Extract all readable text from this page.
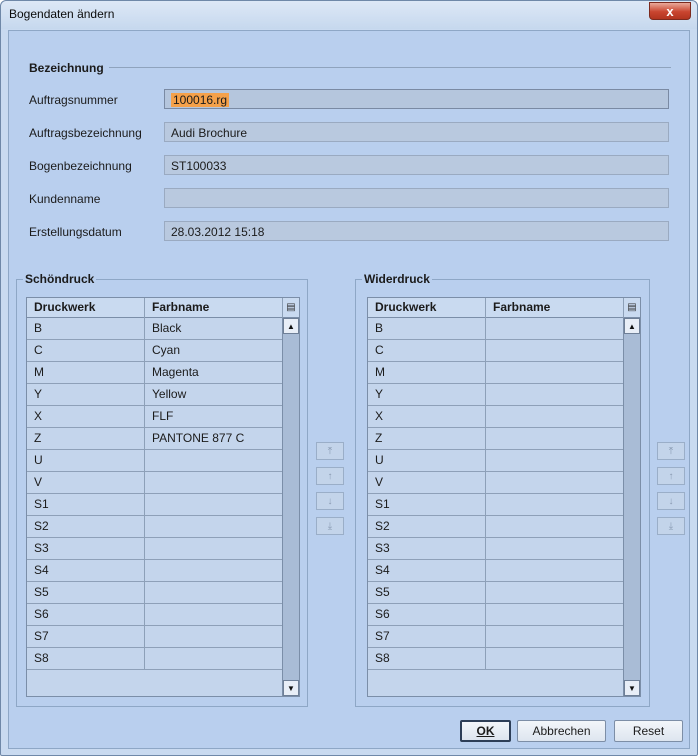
Bogendaten ändern	x
Bezeichnung
Auftragsnummer	100016.rg
Auftragsbezeichnung	Audi Brochure
Bogenbezeichnung	ST100033
Kundenname
Erstellungsdatum	28.03.2012 15:18
Schöndruck
Druckwerk	Farbname	▤
B	Black
C	Cyan
M	Magenta
Y	Yellow
X	FLF
Z	PANTONE 877 C
U
V
S1
S2
S3
S4
S5
S6
S7
S8
▲
▼
⤒
↑
↓
⤓
Widerdruck
Druckwerk	Farbname	▤
B
C
M
Y
X
Z
U
V
S1
S2
S3
S4
S5
S6
S7
S8
▲
▼
⤒
↑
↓
⤓
OK	Abbrechen	Reset
